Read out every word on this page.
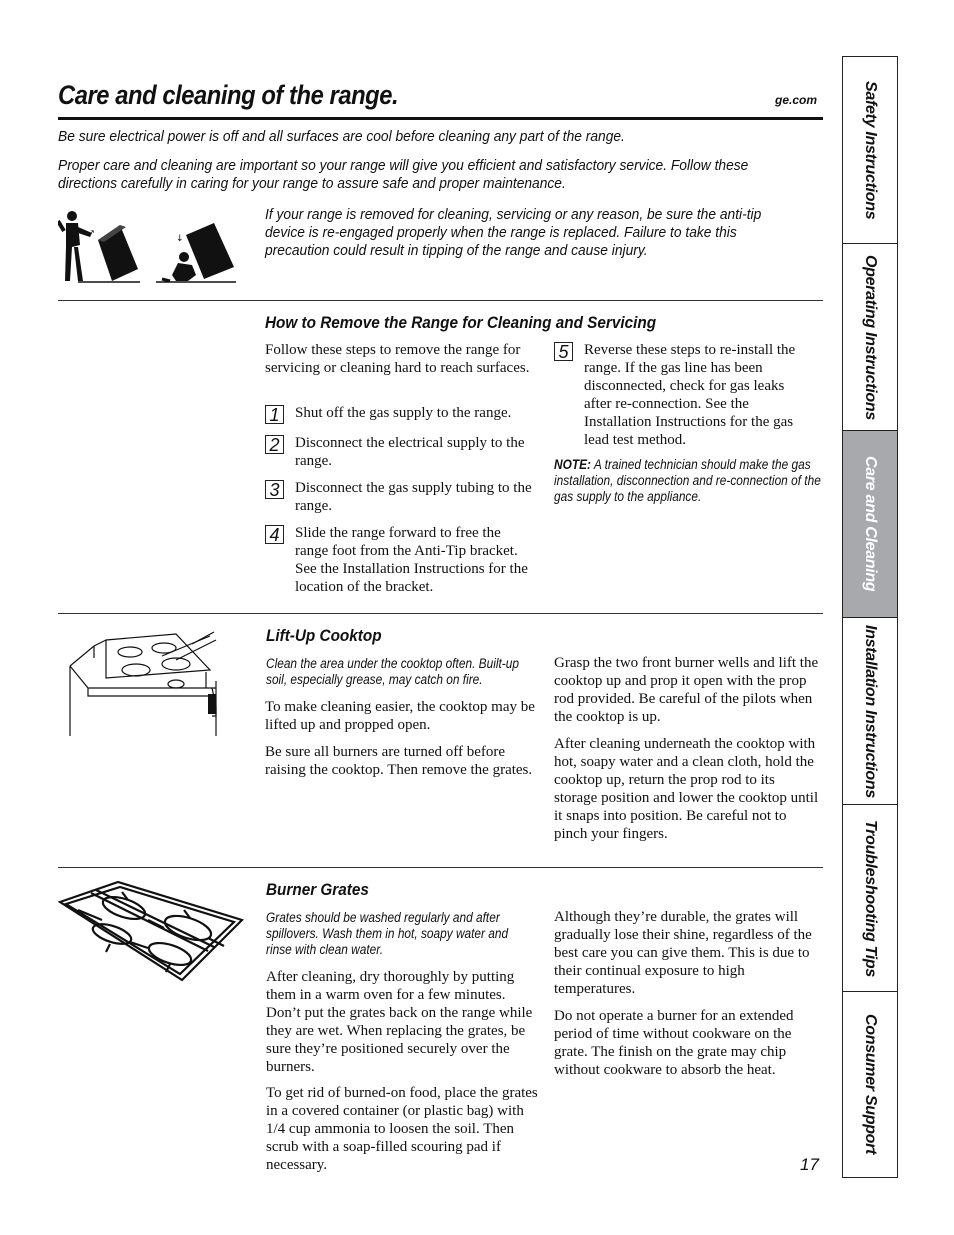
Care and cleaning of the range.	ge.com
Be sure electrical power is off and all surfaces are cool before cleaning any part of the range.
Proper care and cleaning are important so your range will give you efficient and satisfactory service. Follow these directions carefully in caring for your range to assure safe and proper maintenance.
↗
↓
If your range is removed for cleaning, servicing or any reason, be sure the anti-tip device is re-engaged properly when the range is replaced. Failure to take this precaution could result in tipping of the range and cause injury.
How to Remove the Range for Cleaning and Servicing
Follow these steps to remove the range for servicing or cleaning hard to reach surfaces.
1	Shut off the gas supply to the range.
2	Disconnect the electrical supply to the range.
3	Disconnect the gas supply tubing to the range.
4	Slide the range forward to free the range foot from the Anti-Tip bracket. See the Installation Instructions for the location of the bracket.
5	Reverse these steps to re-install the range. If the gas line has been disconnected, check for gas leaks after re-connection. See the Installation Instructions for the gas lead test method.
NOTE: A trained technician should make the gas installation, disconnection and re-connection of the gas supply to the appliance.
Lift-Up Cooktop
Clean the area under the cooktop often. Built-up soil, especially grease, may catch on fire.
To make cleaning easier, the cooktop may be lifted up and propped open.
Be sure all burners are turned off before raising the cooktop. Then remove the grates.
Grasp the two front burner wells and lift the cooktop up and prop it open with the prop rod provided. Be careful of the pilots when the cooktop is up.
After cleaning underneath the cooktop with hot, soapy water and a clean cloth, hold the cooktop up, return the prop rod to its storage position and lower the cooktop until it snaps into position. Be careful not to pinch your fingers.
Burner Grates
Grates should be washed regularly and after spillovers. Wash them in hot, soapy water and rinse with clean water.
After cleaning, dry thoroughly by putting them in a warm oven for a few minutes. Don’t put the grates back on the range while they are wet. When replacing the grates, be sure they’re positioned securely over the burners.
To get rid of burned-on food, place the grates in a covered container (or plastic bag) with 1/4 cup ammonia to loosen the soil. Then scrub with a soap-filled scouring pad if necessary.
Although they’re durable, the grates will gradually lose their shine, regardless of the best care you can give them. This is due to their continual exposure to high temperatures.
Do not operate a burner for an extended period of time without cookware on the grate. The finish on the grate may chip without cookware to absorb the heat.
17
Safety Instructions
Operating Instructions
Care and Cleaning
Installation Instructions
Troubleshooting Tips
Consumer Support
